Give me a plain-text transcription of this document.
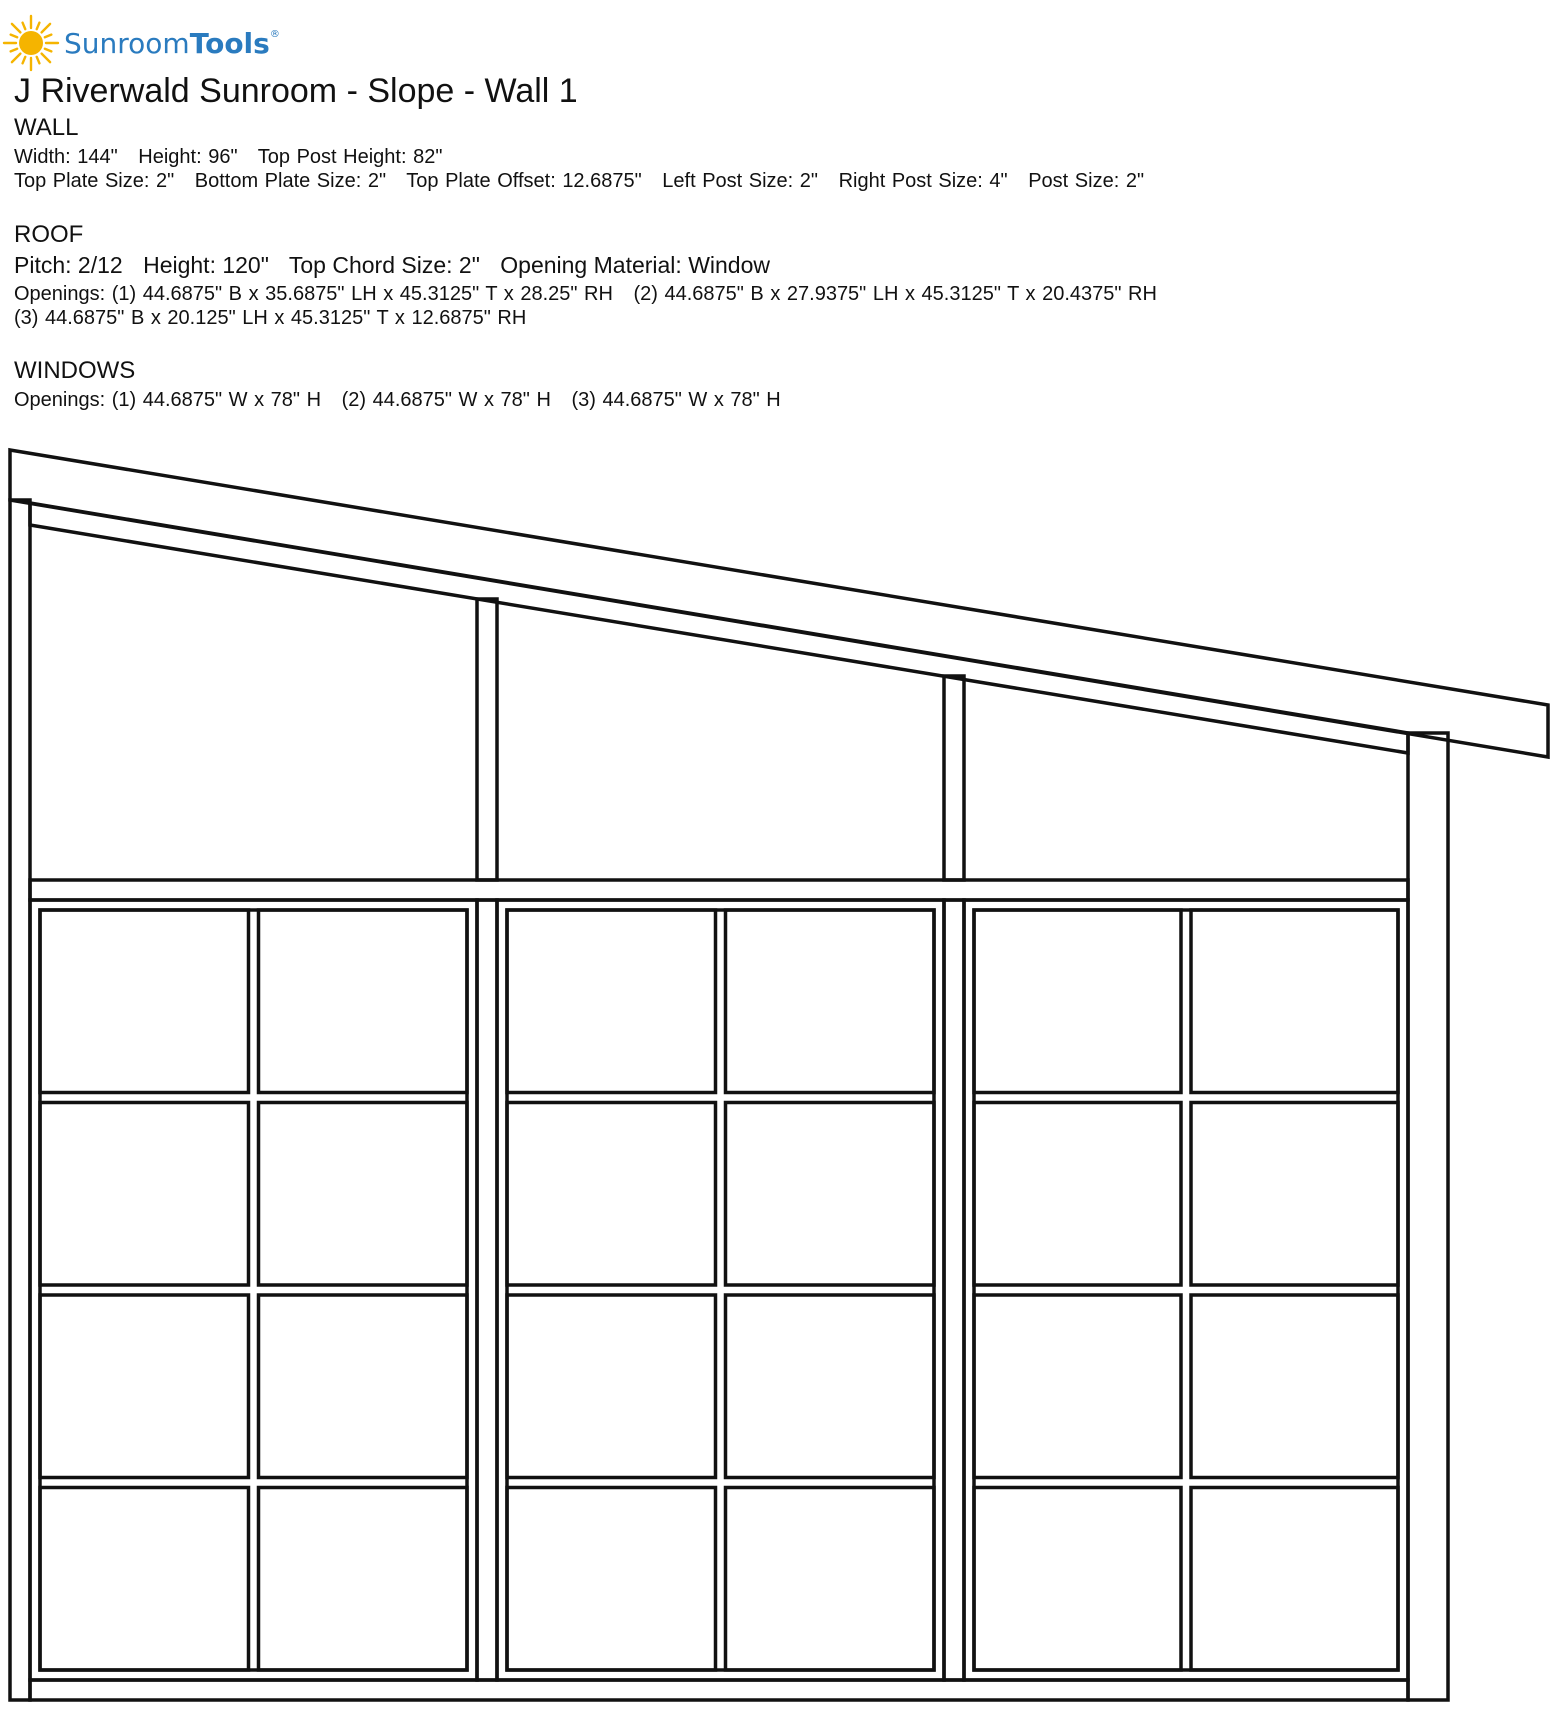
SunroomTools®
J Riverwald Sunroom - Slope - Wall 1
WALL
Width: 144" Height: 96" Top Post Height: 82"
Top Plate Size: 2" Bottom Plate Size: 2" Top Plate Offset: 12.6875" Left Post Size: 2" Right Post Size: 4" Post Size: 2"
ROOF
Pitch: 2/12 Height: 120" Top Chord Size: 2" Opening Material: Window
Openings: (1) 44.6875" B x 35.6875" LH x 45.3125" T x 28.25" RH (2) 44.6875" B x 27.9375" LH x 45.3125" T x 20.4375" RH
(3) 44.6875" B x 20.125" LH x 45.3125" T x 12.6875" RH
WINDOWS
Openings: (1) 44.6875" W x 78" H (2) 44.6875" W x 78" H (3) 44.6875" W x 78" H
